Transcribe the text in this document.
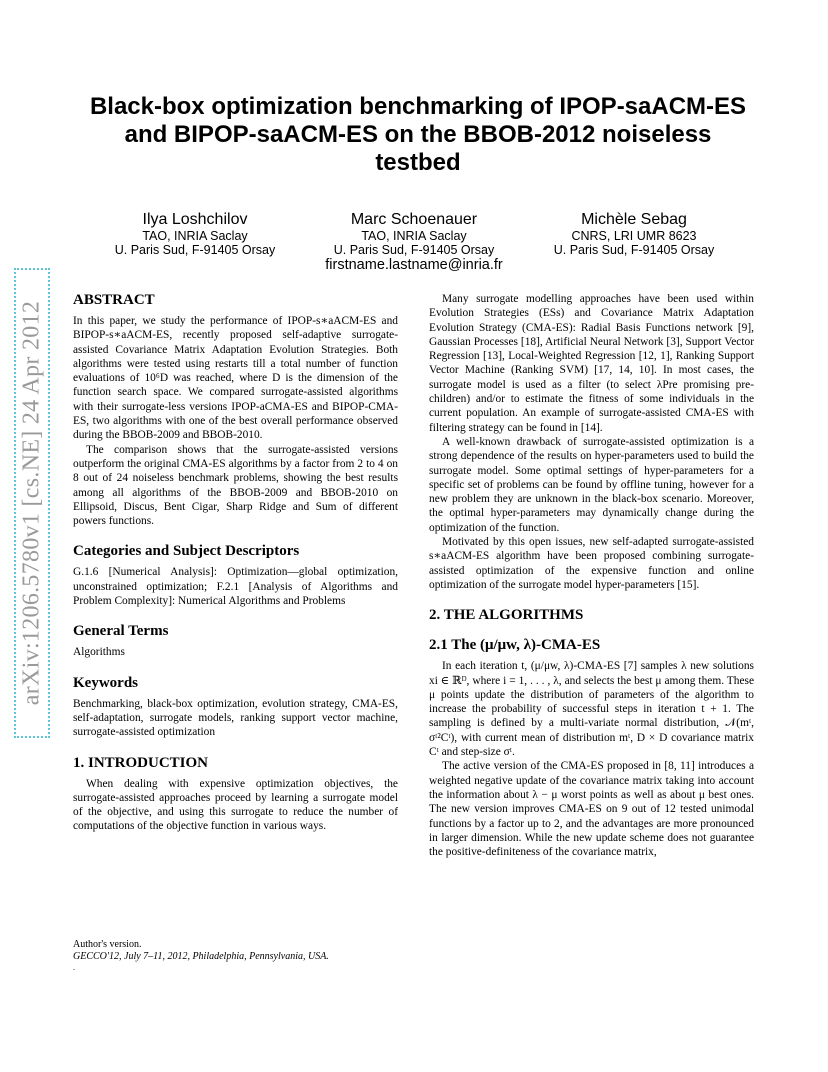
arXiv:1206.5780v1 [cs.NE] 24 Apr 2012
Black-box optimization benchmarking of IPOP-saACM-ES and BIPOP-saACM-ES on the BBOB-2012 noiseless testbed
Ilya Loshchilov
TAO, INRIA Saclay
U. Paris Sud, F-91405 Orsay
Marc Schoenauer
TAO, INRIA Saclay
U. Paris Sud, F-91405 Orsay
firstname.lastname@inria.fr
Michèle Sebag
CNRS, LRI UMR 8623
U. Paris Sud, F-91405 Orsay
ABSTRACT

In this paper, we study the performance of IPOP-s∗aACM-ES and BIPOP-s∗aACM-ES, recently proposed self-adaptive surrogate-assisted Covariance Matrix Adaptation Evolution Strategies. Both algorithms were tested using restarts till a total number of function evaluations of 10⁶D was reached, where D is the dimension of the function search space. We compared surrogate-assisted algorithms with their surrogate-less versions IPOP-aCMA-ES and BIPOP-CMA-ES, two algorithms with one of the best overall performance observed during the BBOB-2009 and BBOB-2010.

The comparison shows that the surrogate-assisted versions outperform the original CMA-ES algorithms by a factor from 2 to 4 on 8 out of 24 noiseless benchmark problems, showing the best results among all algorithms of the BBOB-2009 and BBOB-2010 on Ellipsoid, Discus, Bent Cigar, Sharp Ridge and Sum of different powers functions.

Categories and Subject Descriptors

G.1.6 [Numerical Analysis]: Optimization—global optimization, unconstrained optimization; F.2.1 [Analysis of Algorithms and Problem Complexity]: Numerical Algorithms and Problems

General Terms

Algorithms

Keywords

Benchmarking, black-box optimization, evolution strategy, CMA-ES, self-adaptation, surrogate models, ranking support vector machine, surrogate-assisted optimization

1. INTRODUCTION

When dealing with expensive optimization objectives, the surrogate-assisted approaches proceed by learning a surrogate model of the objective, and using this surrogate to reduce the number of computations of the objective function in various ways.

Many surrogate modelling approaches have been used within Evolution Strategies (ESs) and Covariance Matrix Adaptation Evolution Strategy (CMA-ES): Radial Basis Functions network [9], Gaussian Processes [18], Artificial Neural Network [3], Support Vector Regression [13], Local-Weighted Regression [12, 1], Ranking Support Vector Machine (Ranking SVM) [17, 14, 10]. In most cases, the surrogate model is used as a filter (to select λPre promising pre-children) and/or to estimate the fitness of some individuals in the current population. An example of surrogate-assisted CMA-ES with filtering strategy can be found in [14].

A well-known drawback of surrogate-assisted optimization is a strong dependence of the results on hyper-parameters used to build the surrogate model. Some optimal settings of hyper-parameters for a specific set of problems can be found by offline tuning, however for a new problem they are unknown in the black-box scenario. Moreover, the optimal hyper-parameters may dynamically change during the optimization of the function.

Motivated by this open issues, new self-adapted surrogate-assisted s∗aACM-ES algorithm have been proposed combining surrogate-assisted optimization of the expensive function and online optimization of the surrogate model hyper-parameters [15].

2. THE ALGORITHMS
2.1 The (μ/μw, λ)-CMA-ES

In each iteration t, (μ/μw, λ)-CMA-ES [7] samples λ new solutions xi ∈ ℝᴰ, where i = 1, . . . , λ, and selects the best μ among them. These μ points update the distribution of parameters of the algorithm to increase the probability of successful steps in iteration t + 1. The sampling is defined by a multi-variate normal distribution, 𝒩(mᵗ, σᵗ²Cᵗ), with current mean of distribution mᵗ, D × D covariance matrix Cᵗ and step-size σᵗ.

The active version of the CMA-ES proposed in [8, 11] introduces a weighted negative update of the covariance matrix taking into account the information about λ − μ worst points as well as about μ best ones. The new version improves CMA-ES on 9 out of 12 tested unimodal functions by a factor up to 2, and the advantages are more pronounced in larger dimension. While the new update scheme does not guarantee the positive-definiteness of the covariance matrix,

Author's version.
GECCO'12, July 7–11, 2012, Philadelphia, Pennsylvania, USA.
.
